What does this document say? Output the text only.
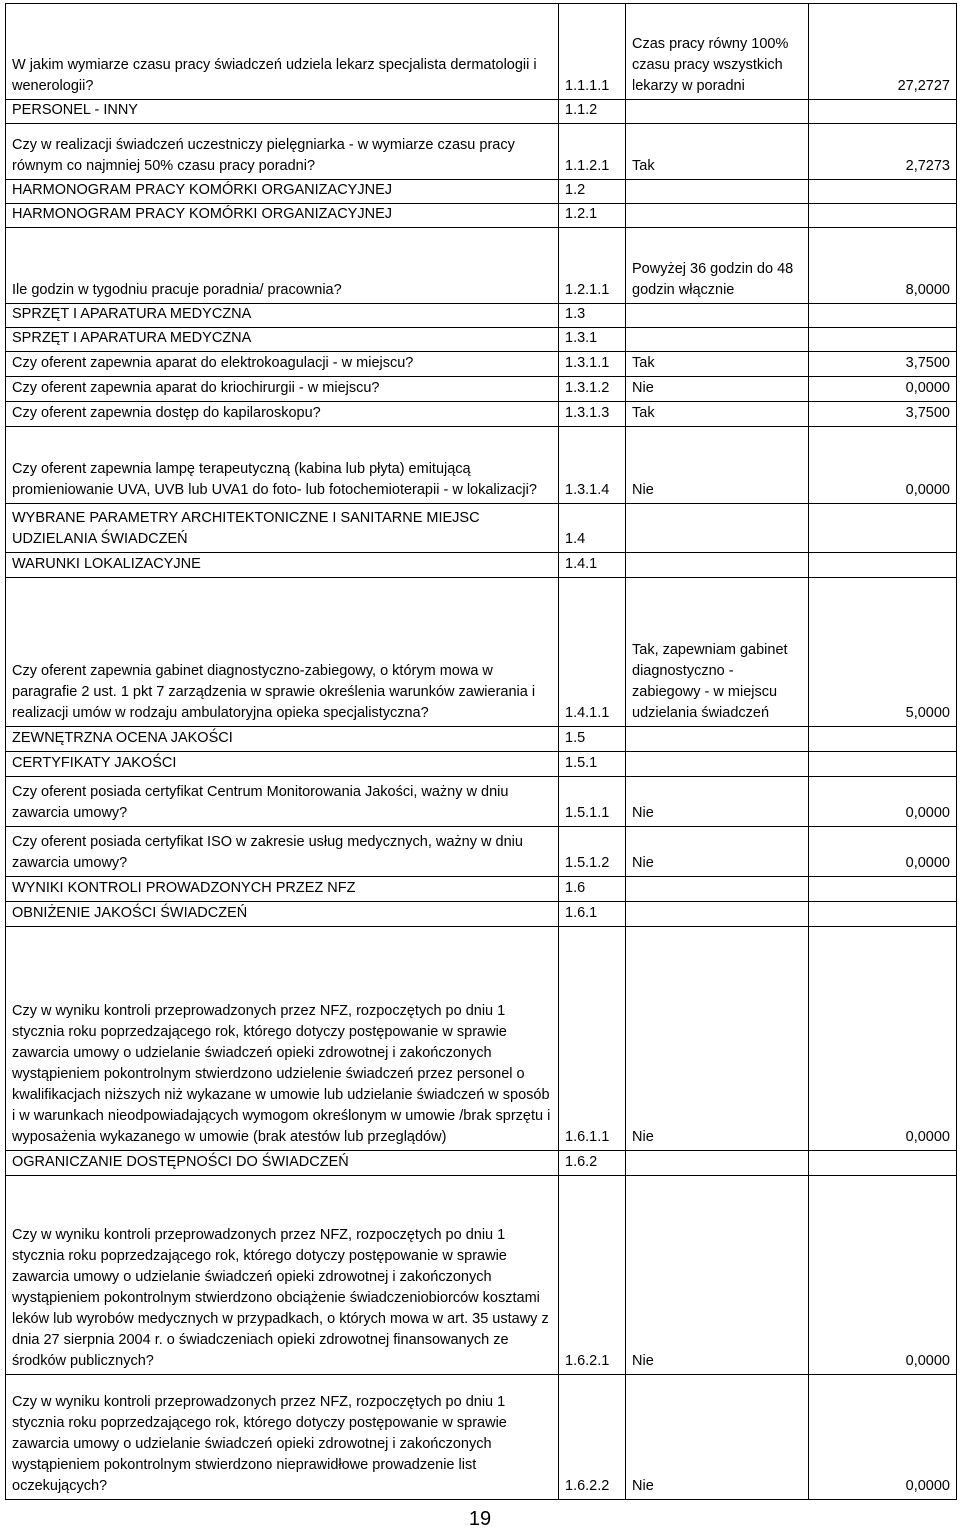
W jakim wymiarze czasu pracy świadczeń udziela lekarz specjalista dermatologii i wenerologii?	1.1.1.1	Czas pracy równy 100% czasu pracy wszystkich lekarzy w poradni	27,2727
PERSONEL - INNY	1.1.2		
Czy w realizacji świadczeń uczestniczy pielęgniarka - w wymiarze czasu pracy równym co najmniej 50% czasu pracy poradni?	1.1.2.1	Tak	2,7273
HARMONOGRAM PRACY KOMÓRKI ORGANIZACYJNEJ	1.2		
HARMONOGRAM PRACY KOMÓRKI ORGANIZACYJNEJ	1.2.1		
Ile godzin w tygodniu pracuje poradnia/ pracownia?	1.2.1.1	Powyżej 36 godzin do 48 godzin włącznie	8,0000
SPRZĘT I APARATURA MEDYCZNA	1.3		
SPRZĘT I APARATURA MEDYCZNA	1.3.1		
Czy oferent zapewnia aparat do elektrokoagulacji - w miejscu?	1.3.1.1	Tak	3,7500
Czy oferent zapewnia aparat do kriochirurgii - w miejscu?	1.3.1.2	Nie	0,0000
Czy oferent zapewnia dostęp do kapilaroskopu?	1.3.1.3	Tak	3,7500
Czy oferent zapewnia lampę terapeutyczną (kabina lub płyta) emitującą promieniowanie UVA, UVB lub UVA1 do foto- lub fotochemioterapii - w lokalizacji?	1.3.1.4	Nie	0,0000
WYBRANE PARAMETRY ARCHITEKTONICZNE I SANITARNE MIEJSC UDZIELANIA ŚWIADCZEŃ	1.4		
WARUNKI LOKALIZACYJNE	1.4.1		
Czy oferent zapewnia gabinet diagnostyczno-zabiegowy, o którym mowa w paragrafie 2 ust. 1 pkt 7 zarządzenia w sprawie określenia warunków zawierania i realizacji umów w rodzaju ambulatoryjna opieka specjalistyczna?	1.4.1.1	Tak, zapewniam gabinet diagnostyczno - zabiegowy - w miejscu udzielania świadczeń	5,0000
ZEWNĘTRZNA OCENA JAKOŚCI	1.5		
CERTYFIKATY JAKOŚCI	1.5.1		
Czy oferent posiada certyfikat Centrum Monitorowania Jakości, ważny w dniu zawarcia umowy?	1.5.1.1	Nie	0,0000
Czy oferent posiada certyfikat ISO w zakresie usług medycznych, ważny w dniu zawarcia umowy?	1.5.1.2	Nie	0,0000
WYNIKI KONTROLI PROWADZONYCH PRZEZ NFZ	1.6		
OBNIŻENIE JAKOŚCI ŚWIADCZEŃ	1.6.1		
Czy w wyniku kontroli przeprowadzonych przez NFZ, rozpoczętych po dniu 1 stycznia roku poprzedzającego rok, którego dotyczy postępowanie w sprawie zawarcia umowy o udzielanie świadczeń opieki zdrowotnej i zakończonych wystąpieniem pokontrolnym stwierdzono udzielenie świadczeń przez personel o kwalifikacjach niższych niż wykazane w umowie lub udzielanie świadczeń w sposób i w warunkach nieodpowiadających wymogom określonym w umowie /brak sprzętu i wyposażenia wykazanego w umowie (brak atestów lub przeglądów)	1.6.1.1	Nie	0,0000
OGRANICZANIE DOSTĘPNOŚCI DO ŚWIADCZEŃ	1.6.2		
Czy w wyniku kontroli przeprowadzonych przez NFZ, rozpoczętych po dniu 1 stycznia roku poprzedzającego rok, którego dotyczy postępowanie w sprawie zawarcia umowy o udzielanie świadczeń opieki zdrowotnej i zakończonych wystąpieniem pokontrolnym stwierdzono obciążenie świadczeniobiorców kosztami leków lub wyrobów medycznych w przypadkach, o których mowa w art. 35 ustawy z dnia 27 sierpnia 2004 r. o świadczeniach opieki zdrowotnej finansowanych ze środków publicznych?	1.6.2.1	Nie	0,0000
Czy w wyniku kontroli przeprowadzonych przez NFZ, rozpoczętych po dniu 1 stycznia roku poprzedzającego rok, którego dotyczy postępowanie w sprawie zawarcia umowy o udzielanie świadczeń opieki zdrowotnej i zakończonych wystąpieniem pokontrolnym stwierdzono nieprawidłowe prowadzenie list oczekujących?	1.6.2.2	Nie	0,0000
19
